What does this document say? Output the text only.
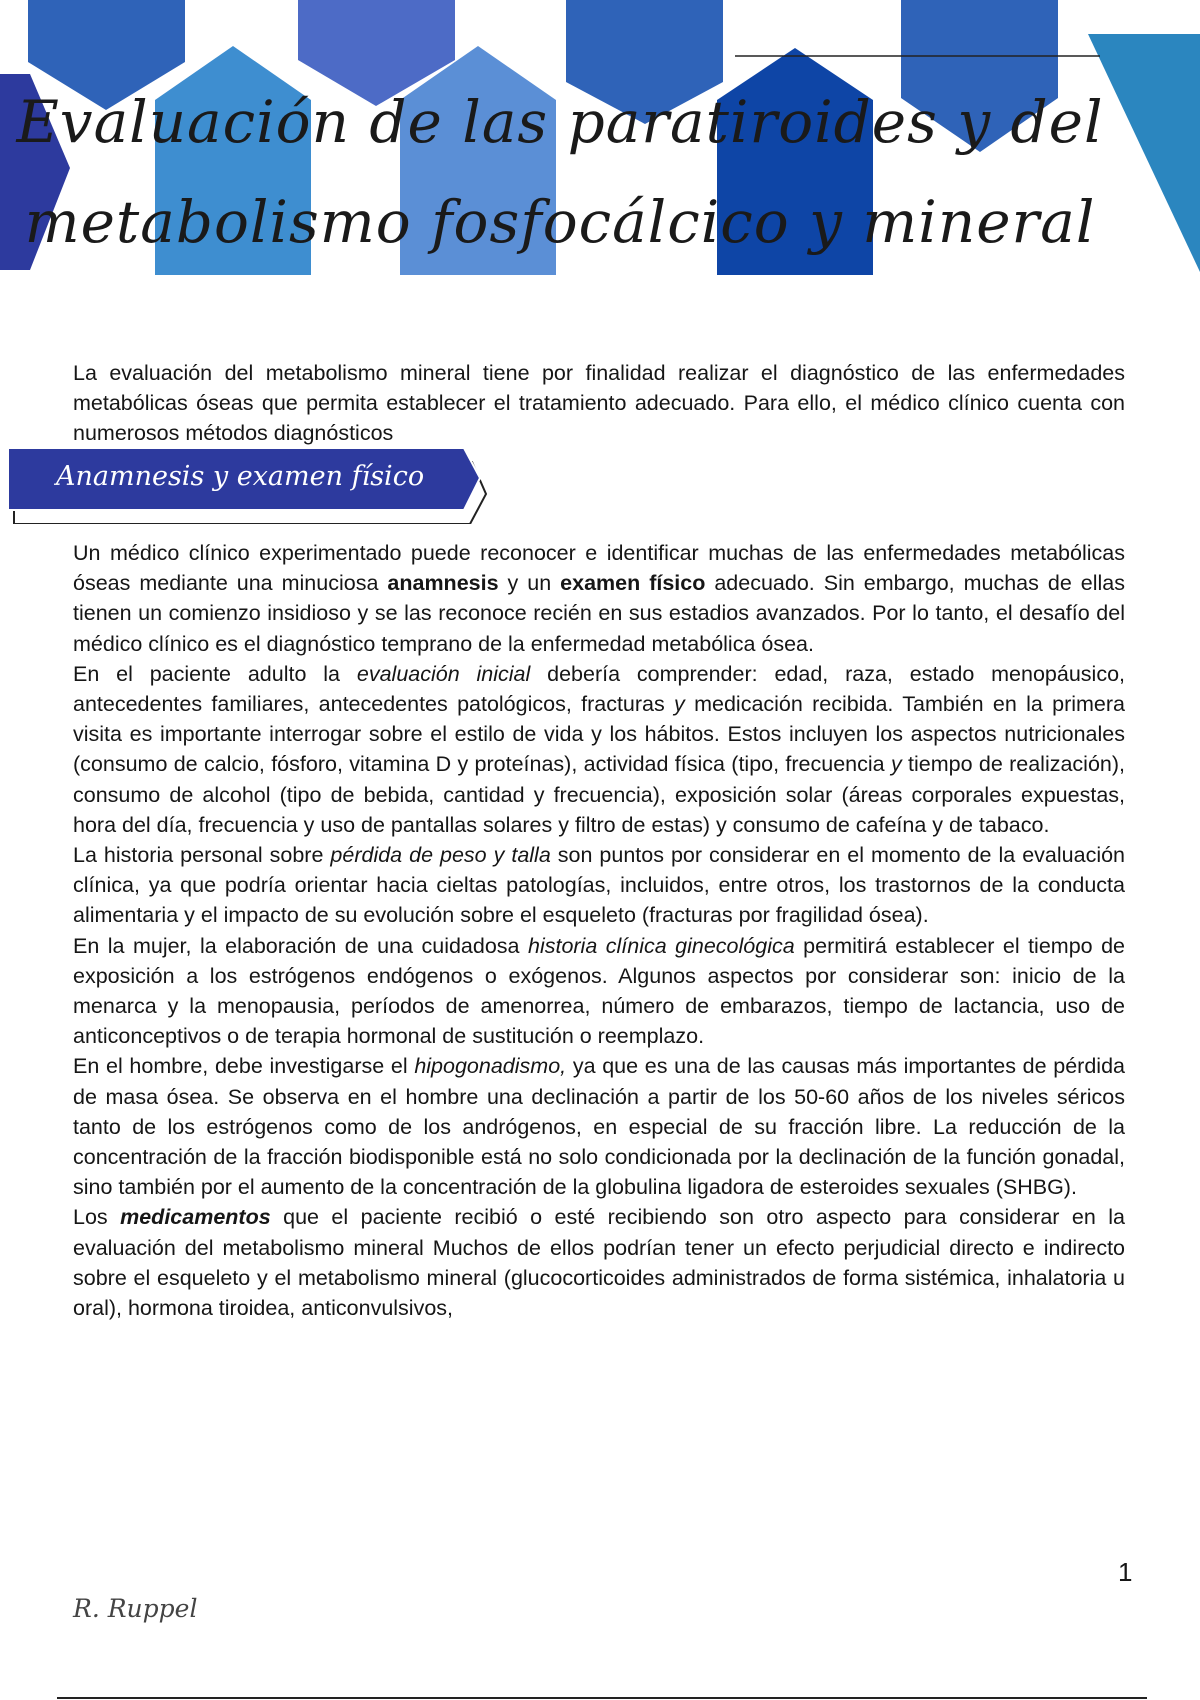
Evaluación de las paratiroides y del
metabolismo fosfocálcico y mineral
La evaluación del metabolismo mineral tiene por finalidad realizar el diagnóstico de las enfermedades metabólicas óseas que permita establecer el tratamiento adecuado. Para ello, el médico clínico cuenta con numerosos métodos diagnósticos
Anamnesis y examen físico

Un médico clínico experimentado puede reconocer e identificar muchas de las enfermedades metabólicas óseas mediante una minuciosa anamnesis y un examen físico adecuado. Sin embargo, muchas de ellas tienen un comienzo insidioso y se las reconoce recién en sus estadios avanzados. Por lo tanto, el desafío del médico clínico es el diagnóstico temprano de la enfermedad metabólica ósea.

En el paciente adulto la evaluación inicial debería comprender: edad, raza, estado menopáusico, antecedentes familiares, antecedentes patológicos, fracturas y medicación recibida. También en la primera visita es importante interrogar sobre el estilo de vida y los hábitos. Estos incluyen los aspectos nutricionales (consumo de calcio, fósforo, vitamina D y proteínas), actividad física (tipo, frecuencia y tiempo de realización), consumo de alcohol (tipo de bebida, cantidad y frecuencia), exposición solar (áreas corporales expuestas, hora del día, frecuencia y uso de pantallas solares y filtro de estas) y consumo de cafeína y de tabaco.

La historia personal sobre pérdida de peso y talla son puntos por considerar en el momento de la evaluación clínica, ya que podría orientar hacia cieltas patologías, incluidos, entre otros, los trastornos de la conducta alimentaria y el impacto de su evolución sobre el esqueleto (fracturas por fragilidad ósea).

En la mujer, la elaboración de una cuidadosa historia clínica ginecológica permitirá establecer el tiempo de exposición a los estrógenos endógenos o exógenos. Algunos aspectos por considerar son: inicio de la menarca y la menopausia, períodos de amenorrea, número de embarazos, tiempo de lactancia, uso de anticonceptivos o de terapia hormonal de sustitución o reemplazo.

En el hombre, debe investigarse el hipogonadismo, ya que es una de las causas más importantes de pérdida de masa ósea. Se observa en el hombre una declinación a partir de los 50-60 años de los niveles séricos tanto de los estrógenos como de los andrógenos, en especial de su fracción libre. La reducción de la concentración de la fracción biodisponible está no solo condicionada por la declinación de la función gonadal, sino también por el aumento de la concentración de la globulina ligadora de esteroides sexuales (SHBG).

Los medicamentos que el paciente recibió o esté recibiendo son otro aspecto para considerar en la evaluación del metabolismo mineral Muchos de ellos podrían tener un efecto perjudicial directo e indirecto sobre el esqueleto y el metabolismo mineral (glucocorticoides administrados de forma sistémica, inhalatoria u oral), hormona tiroidea, anticonvulsivos,

1
R. Ruppel
